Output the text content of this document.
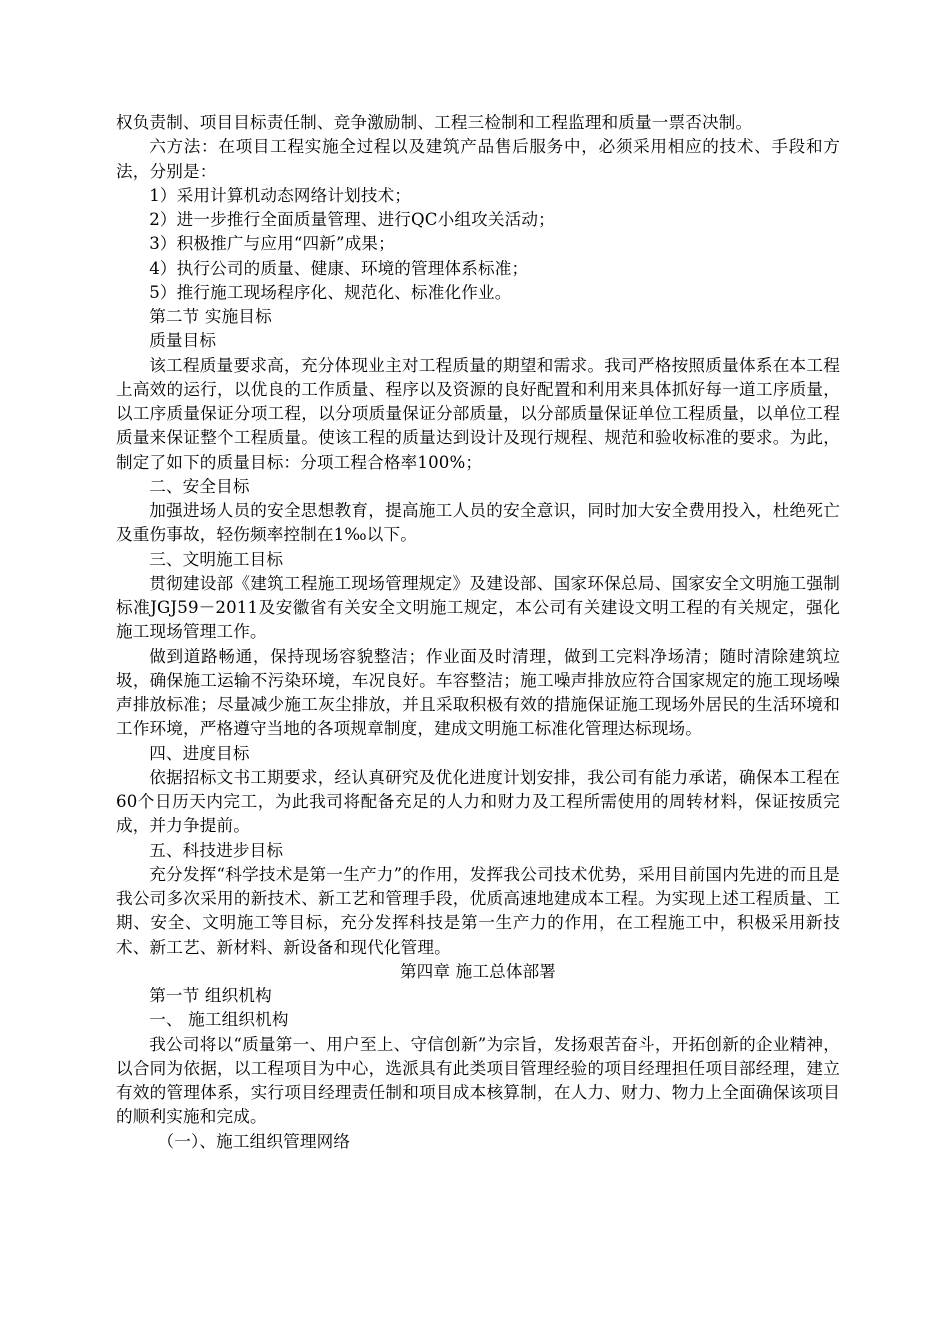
权负责制、项目目标责任制、竞争激励制、工程三检制和工程监理和质量一票否决制。

六方法：在项目工程实施全过程以及建筑产品售后服务中，必须采用相应的技术、手段和方法，分别是：

1）采用计算机动态网络计划技术；

2）进一步推行全面质量管理、进行QC小组攻关活动；

3）积极推广与应用“四新”成果；

4）执行公司的质量、健康、环境的管理体系标准；

5）推行施工现场程序化、规范化、标准化作业。

第二节 实施目标

质量目标

该工程质量要求高，充分体现业主对工程质量的期望和需求。我司严格按照质量体系在本工程上高效的运行，以优良的工作质量、程序以及资源的良好配置和利用来具体抓好每一道工序质量，以工序质量保证分项工程，以分项质量保证分部质量，以分部质量保证单位工程质量，以单位工程质量来保证整个工程质量。使该工程的质量达到设计及现行规程、规范和验收标准的要求。为此，制定了如下的质量目标：分项工程合格率100%；

二、安全目标

加强进场人员的安全思想教育，提高施工人员的安全意识，同时加大安全费用投入，杜绝死亡及重伤事故，轻伤频率控制在1‰以下。

三、文明施工目标

贯彻建设部《建筑工程施工现场管理规定》及建设部、国家环保总局、国家安全文明施工强制标准JGJ59－2011及安徽省有关安全文明施工规定，本公司有关建设文明工程的有关规定，强化施工现场管理工作。

做到道路畅通，保持现场容貌整洁；作业面及时清理，做到工完料净场清；随时清除建筑垃圾，确保施工运输不污染环境，车况良好。车容整洁；施工噪声排放应符合国家规定的施工现场噪声排放标准；尽量减少施工灰尘排放，并且采取积极有效的措施保证施工现场外居民的生活环境和工作环境，严格遵守当地的各项规章制度，建成文明施工标准化管理达标现场。

四、进度目标

依据招标文书工期要求，经认真研究及优化进度计划安排，我公司有能力承诺，确保本工程在60个日历天内完工，为此我司将配备充足的人力和财力及工程所需使用的周转材料，保证按质完成，并力争提前。

五、科技进步目标

充分发挥“科学技术是第一生产力”的作用，发挥我公司技术优势，采用目前国内先进的而且是我公司多次采用的新技术、新工艺和管理手段，优质高速地建成本工程。为实现上述工程质量、工期、安全、文明施工等目标，充分发挥科技是第一生产力的作用，在工程施工中，积极采用新技术、新工艺、新材料、新设备和现代化管理。

第四章 施工总体部署

第一节 组织机构

一、 施工组织机构

我公司将以“质量第一、用户至上、守信创新”为宗旨，发扬艰苦奋斗，开拓创新的企业精神，以合同为依据，以工程项目为中心，选派具有此类项目管理经验的项目经理担任项目部经理，建立有效的管理体系，实行项目经理责任制和项目成本核算制，在人力、财力、物力上全面确保该项目的顺利实施和完成。

（一）、施工组织管理网络
